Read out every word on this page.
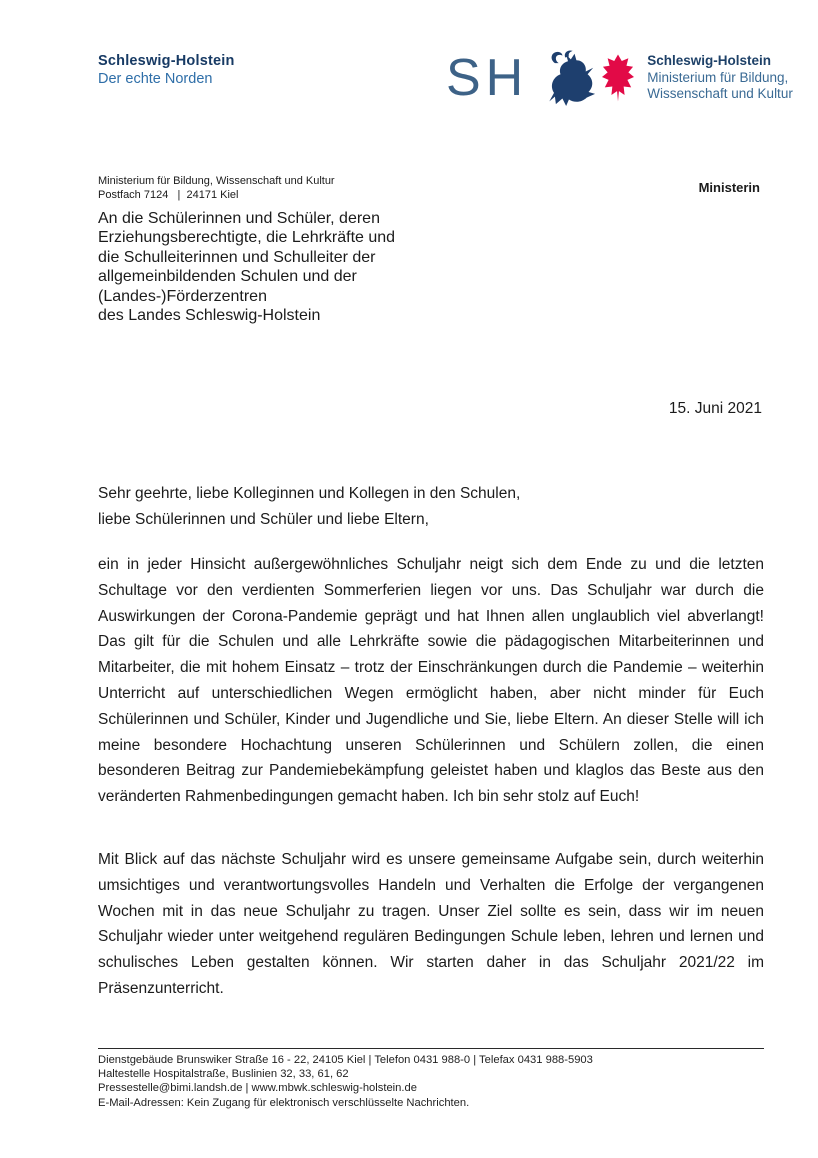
Schleswig-Holstein
Der echte Norden	SH	Schleswig-Holstein
Ministerium für Bildung,
Wissenschaft und Kultur
Ministerium für Bildung, Wissenschaft und Kultur
Postfach 7124   |  24171 Kiel	Ministerin
An die Schülerinnen und Schüler, deren
Erziehungsberechtigte, die Lehrkräfte und
die Schulleiterinnen und Schulleiter der
allgemeinbildenden Schulen und der
(Landes-)Förderzentren
des Landes Schleswig-Holstein
15. Juni 2021
Sehr geehrte, liebe Kolleginnen und Kollegen in den Schulen,
liebe Schülerinnen und Schüler und liebe Eltern,
ein in jeder Hinsicht außergewöhnliches Schuljahr neigt sich dem Ende zu und die letzten Schultage vor den verdienten Sommerferien liegen vor uns. Das Schuljahr war durch die Auswirkungen der Corona-Pandemie geprägt und hat Ihnen allen unglaublich viel abverlangt! Das gilt für die Schulen und alle Lehrkräfte sowie die pädagogischen Mitarbeiterinnen und Mitarbeiter, die mit hohem Einsatz – trotz der Einschränkungen durch die Pandemie – weiterhin Unterricht auf unterschiedlichen Wegen ermöglicht haben, aber nicht minder für Euch Schülerinnen und Schüler, Kinder und Jugendliche und Sie, liebe Eltern. An dieser Stelle will ich meine besondere Hochachtung unseren Schülerinnen und Schülern zollen, die einen besonderen Beitrag zur Pandemiebekämpfung geleistet haben und klaglos das Beste aus den veränderten Rahmenbedingungen gemacht haben. Ich bin sehr stolz auf Euch!
Mit Blick auf das nächste Schuljahr wird es unsere gemeinsame Aufgabe sein, durch weiterhin umsichtiges und verantwortungsvolles Handeln und Verhalten die Erfolge der vergangenen Wochen mit in das neue Schuljahr zu tragen. Unser Ziel sollte es sein, dass wir im neuen Schuljahr wieder unter weitgehend regulären Bedingungen Schule leben, lehren und lernen und schulisches Leben gestalten können. Wir starten daher in das Schuljahr 2021/22 im Präsenzunterricht.
Dienstgebäude Brunswiker Straße 16 - 22, 24105 Kiel | Telefon 0431 988-0 | Telefax 0431 988-5903
Haltestelle Hospitalstraße, Buslinien 32, 33, 61, 62
Pressestelle@bimi.landsh.de | www.mbwk.schleswig-holstein.de
E-Mail-Adressen: Kein Zugang für elektronisch verschlüsselte Nachrichten.
